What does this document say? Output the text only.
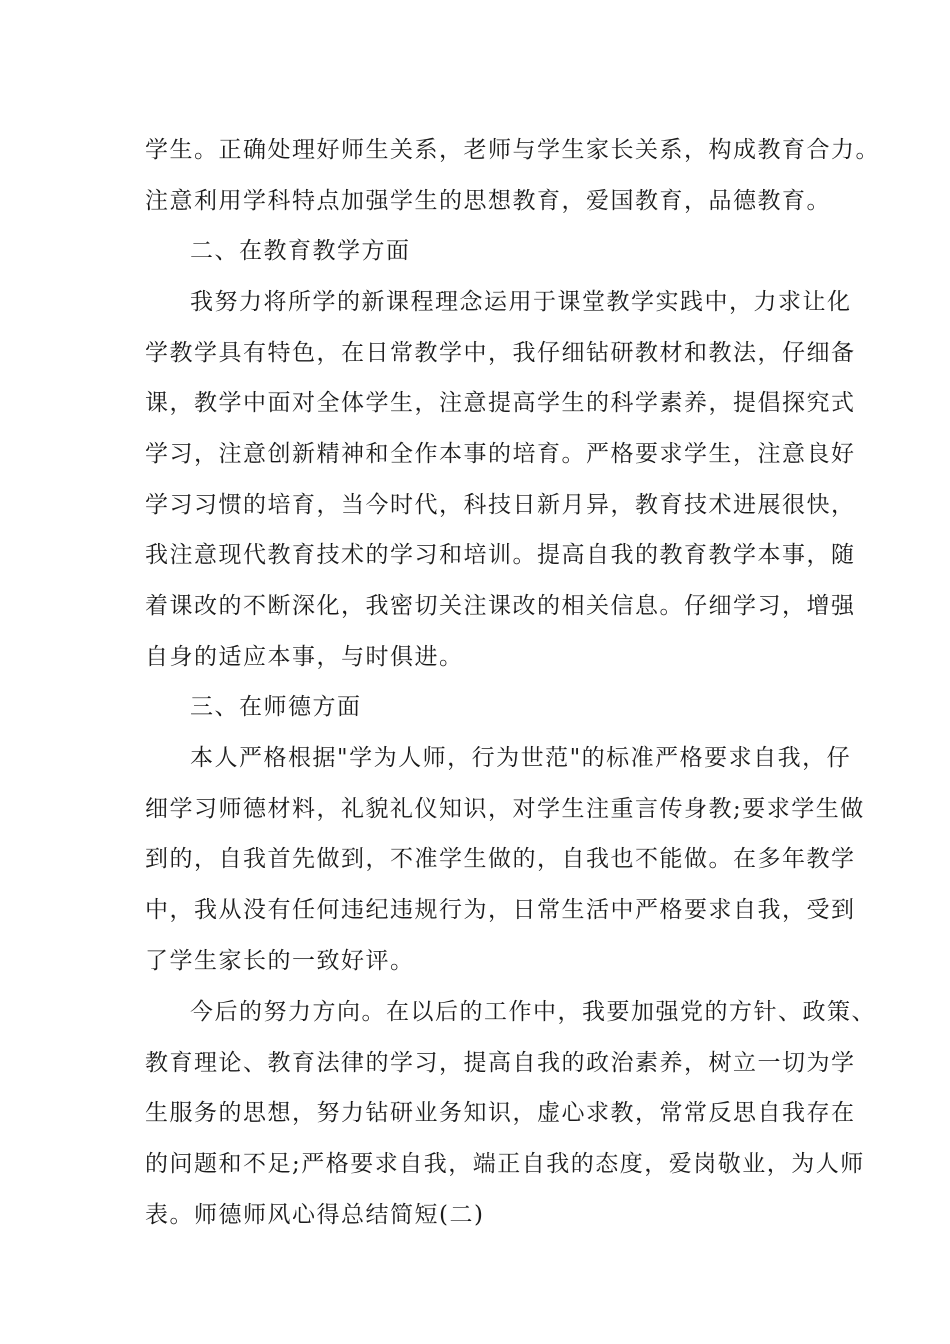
学生。正确处理好师生关系，老师与学生家长关系，构成教育合力。
注意利用学科特点加强学生的思想教育，爱国教育，品德教育。
二、在教育教学方面
我努力将所学的新课程理念运用于课堂教学实践中，力求让化
学教学具有特色，在日常教学中，我仔细钻研教材和教法，仔细备
课，教学中面对全体学生，注意提高学生的科学素养，提倡探究式
学习，注意创新精神和全作本事的培育。严格要求学生，注意良好
学习习惯的培育，当今时代，科技日新月异，教育技术进展很快，
我注意现代教育技术的学习和培训。提高自我的教育教学本事，随
着课改的不断深化，我密切关注课改的相关信息。仔细学习，增强
自身的适应本事，与时俱进。
三、在师德方面
本人严格根据"学为人师，行为世范"的标准严格要求自我，仔
细学习师德材料，礼貌礼仪知识，对学生注重言传身教;要求学生做
到的，自我首先做到，不准学生做的，自我也不能做。在多年教学
中，我从没有任何违纪违规行为，日常生活中严格要求自我，受到
了学生家长的一致好评。
今后的努力方向。在以后的工作中，我要加强党的方针、政策、
教育理论、教育法律的学习，提高自我的政治素养，树立一切为学
生服务的思想，努力钻研业务知识，虚心求教，常常反思自我存在
的问题和不足;严格要求自我，端正自我的态度，爱岗敬业，为人师
表。师德师风心得总结简短(二)
